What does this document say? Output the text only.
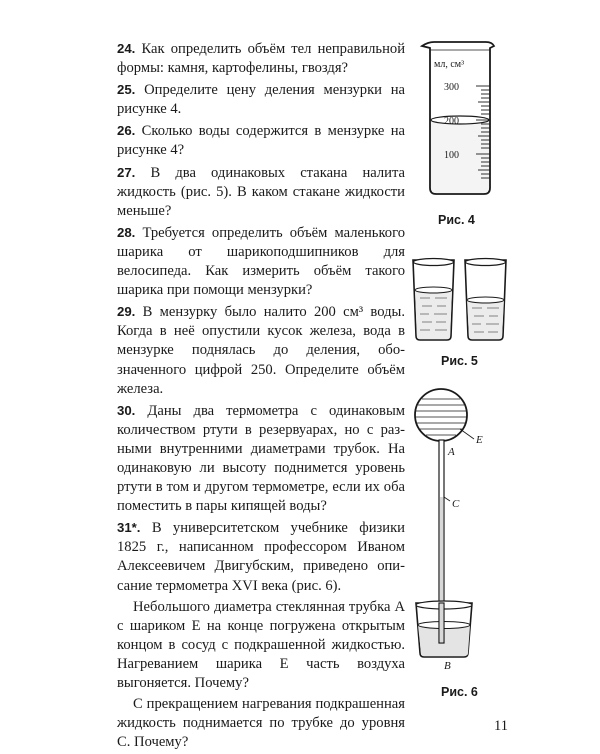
24. Как определить объём тел неправильной формы: камня, картофелины, гвоздя?

25. Определите цену деления мензурки на рисунке 4.

26. Сколько воды содержится в мензурке на рисунке 4?

27. В два одинаковых стакана налита жидкость (рис. 5). В каком стакане жидкости меньше?

28. Требуется определить объём маленького шарика от шарикоподшипников для велосипеда. Как измерить объём такого шарика при помощи мензурки?

29. В мензурку было налито 200 см³ воды. Когда в неё опустили кусок железа, вода в мензурке поднялась до деления, обозначенного цифрой 250. Определите объём железа.

30. Даны два термометра с одинаковым количеством ртути в резервуарах, но с разными внутренними диаметрами трубок. На одинаковую ли высоту поднимется уровень ртути в том и другом термометре, если их оба поместить в пары кипящей воды?

31*. В университетском учебнике физики 1825 г., написанном профессором Иваном Алексеевичем Двигубским, приведено описание термометра XVI века (рис. 6).

Небольшого диаметра стеклянная трубка A с шариком E на конце погружена открытым концом в сосуд с подкрашенной жидкостью. Нагреванием шарика E часть воздуха выгоняется. Почему?

С прекращением нагревания подкрашенная жидкость поднимается по трубке до уровня C. Почему?

мл, см³
300
200
100
Рис. 4
Рис. 5
E
A
C
B
Рис. 6
11
